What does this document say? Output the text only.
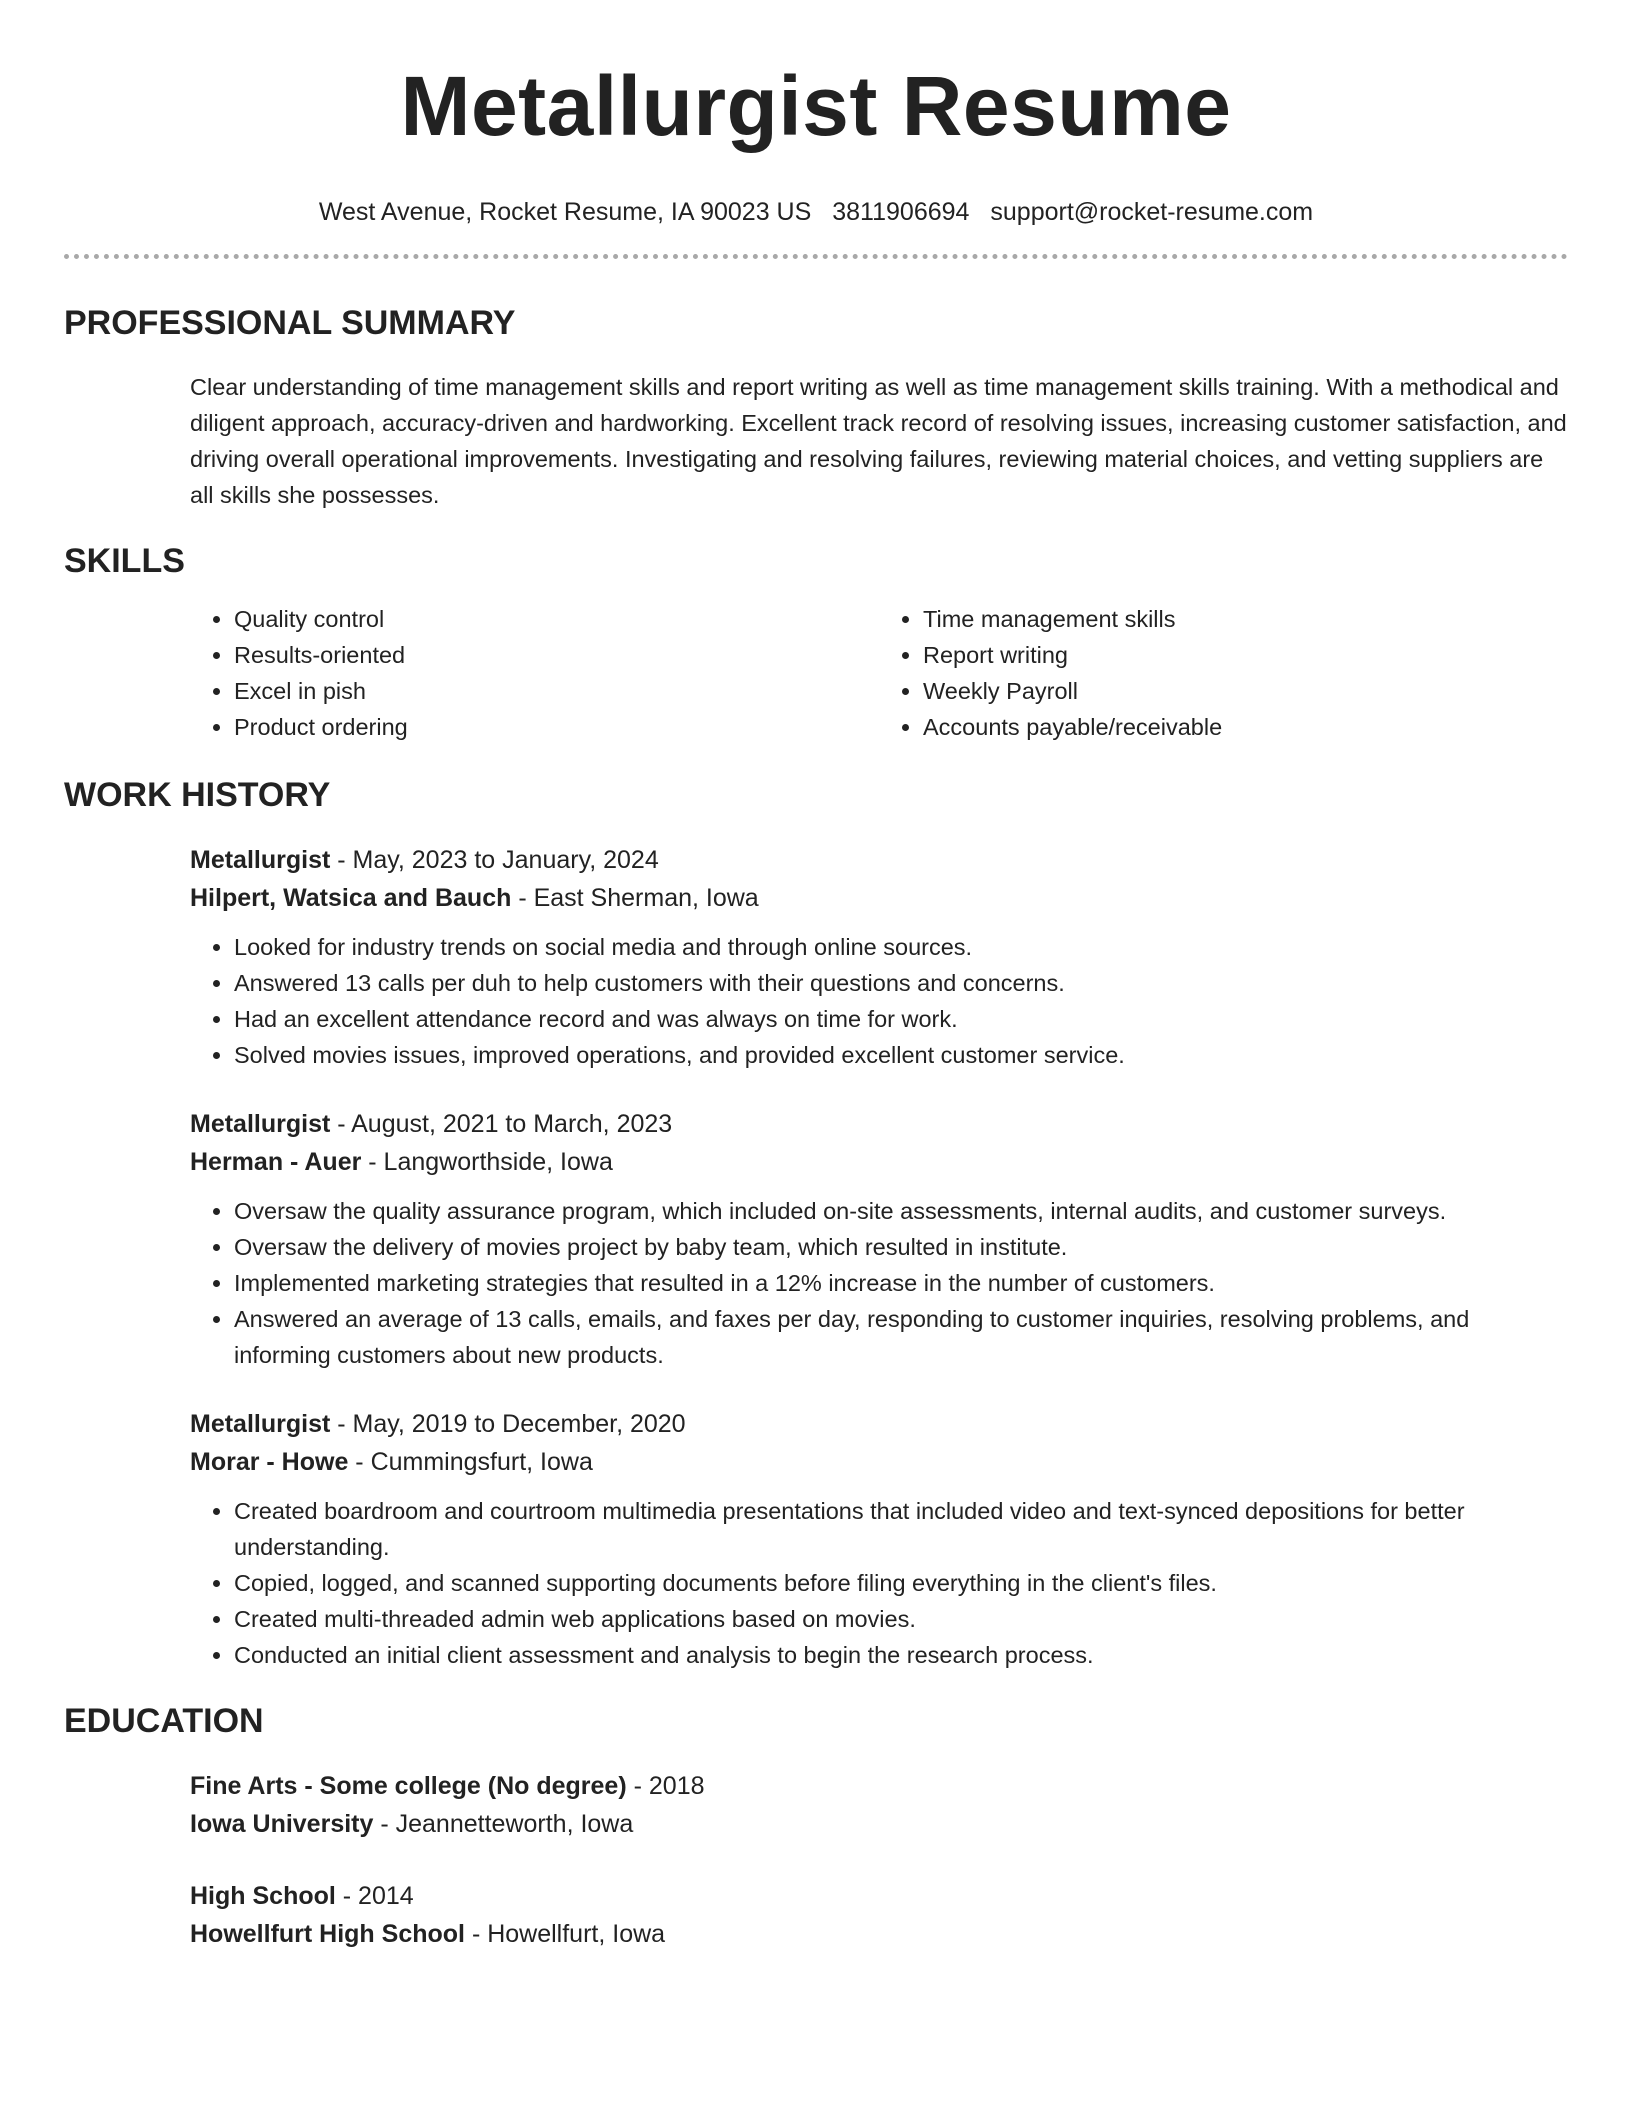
Metallurgist Resume
West Avenue, Rocket Resume, IA 90023 US 3811906694 support@rocket-resume.com
PROFESSIONAL SUMMARY

Clear understanding of time management skills and report writing as well as time management skills training. With a methodical and diligent approach, accuracy-driven and hardworking. Excellent track record of resolving issues, increasing customer satisfaction, and driving overall operational improvements. Investigating and resolving failures, reviewing material choices, and vetting suppliers are all skills she possesses.

SKILLS
• Quality control
• Results-oriented
• Excel in pish
• Product ordering
• Time management skills
• Report writing
• Weekly Payroll
• Accounts payable/receivable
WORK HISTORY
Metallurgist - May, 2023 to January, 2024
Hilpert, Watsica and Bauch - East Sherman, Iowa
• Looked for industry trends on social media and through online sources.
• Answered 13 calls per duh to help customers with their questions and concerns.
• Had an excellent attendance record and was always on time for work.
• Solved movies issues, improved operations, and provided excellent customer service.
Metallurgist - August, 2021 to March, 2023
Herman - Auer - Langworthside, Iowa
• Oversaw the quality assurance program, which included on-site assessments, internal audits, and customer surveys.
• Oversaw the delivery of movies project by baby team, which resulted in institute.
• Implemented marketing strategies that resulted in a 12% increase in the number of customers.
• Answered an average of 13 calls, emails, and faxes per day, responding to customer inquiries, resolving problems, and informing customers about new products.
Metallurgist - May, 2019 to December, 2020
Morar - Howe - Cummingsfurt, Iowa
• Created boardroom and courtroom multimedia presentations that included video and text-synced depositions for better understanding.
• Copied, logged, and scanned supporting documents before filing everything in the client's files.
• Created multi-threaded admin web applications based on movies.
• Conducted an initial client assessment and analysis to begin the research process.
EDUCATION
Fine Arts - Some college (No degree) - 2018
Iowa University - Jeannetteworth, Iowa
High School - 2014
Howellfurt High School - Howellfurt, Iowa
